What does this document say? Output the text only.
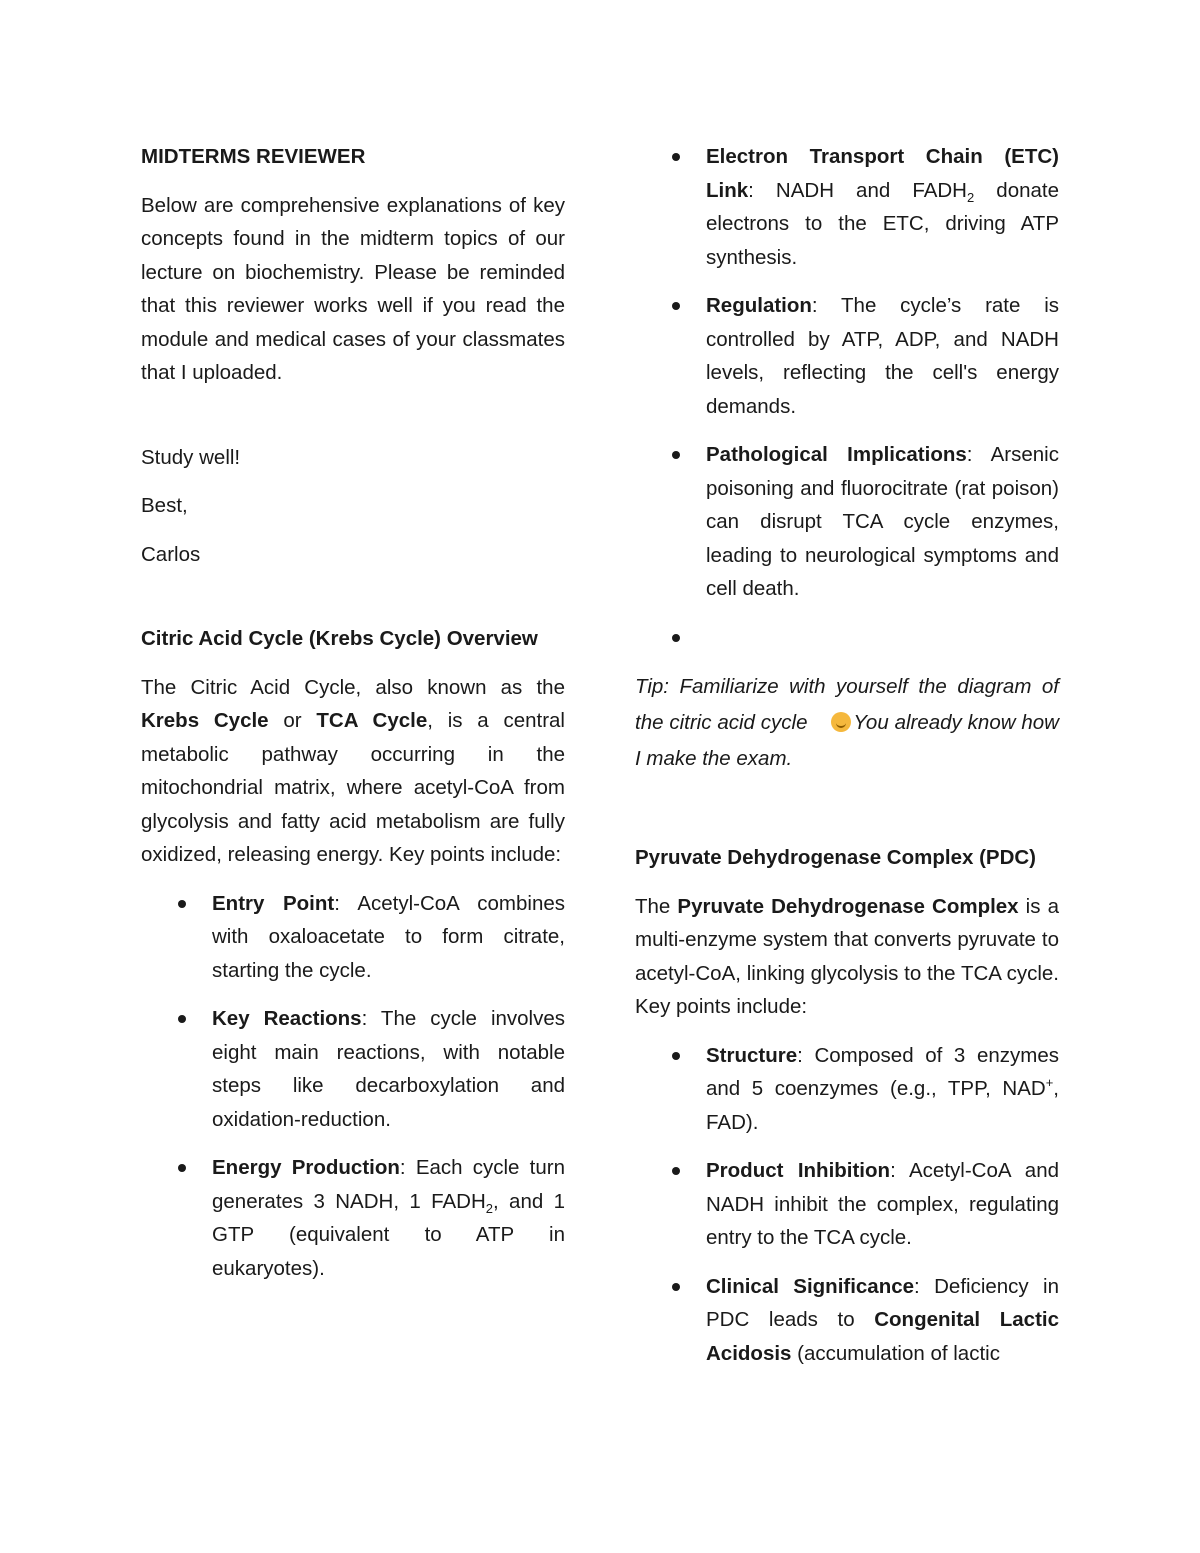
MIDTERMS REVIEWER

Below are comprehensive explanations of key concepts found in the midterm topics of our lecture on biochemistry. Please be reminded that this reviewer works well if you read the module and medical cases of your classmates that I uploaded.

Study well!

Best,

Carlos

Citric Acid Cycle (Krebs Cycle) Overview

The Citric Acid Cycle, also known as the Krebs Cycle or TCA Cycle, is a central metabolic pathway occurring in the mitochondrial matrix, where acetyl-CoA from glycolysis and fatty acid metabolism are fully oxidized, releasing energy. Key points include:

Entry Point: Acetyl-CoA combines with oxaloacetate to form citrate, starting the cycle.
Key Reactions: The cycle involves eight main reactions, with notable steps like decarboxylation and oxidation-reduction.
Energy Production: Each cycle turn generates 3 NADH, 1 $FADH_2$, and 1 GTP (equivalent to ATP in eukaryotes).
Electron Transport Chain (ETC) Link: NADH and $FADH_2$ donate electrons to the ETC, driving ATP synthesis.
Regulation: The cycle’s rate is controlled by ATP, ADP, and NADH levels, reflecting the cell's energy demands.
Pathological Implications: Arsenic poisoning and fluorocitrate (rat poison) can disrupt TCA cycle enzymes, leading to neurological symptoms and cell death.

Tip: Familiarize with yourself the diagram of the citric acid cycle You already know how I make the exam.

Pyruvate Dehydrogenase Complex (PDC)

The Pyruvate Dehydrogenase Complex is a multi-enzyme system that converts pyruvate to acetyl-CoA, linking glycolysis to the TCA cycle. Key points include:

Structure: Composed of 3 enzymes and 5 coenzymes (e.g., TPP, NAD+, FAD).
Product Inhibition: Acetyl-CoA and NADH inhibit the complex, regulating entry to the TCA cycle.
Clinical Significance: Deficiency in PDC leads to Congenital Lactic Acidosis (accumulation of lactic
